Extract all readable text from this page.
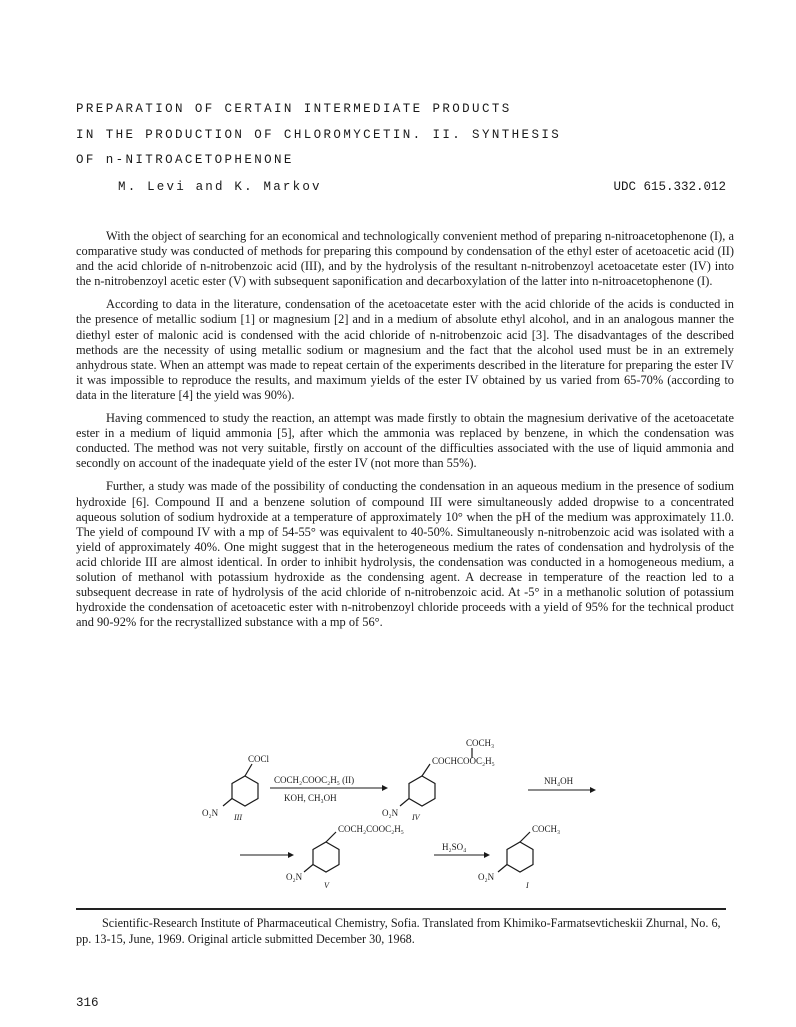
PREPARATION OF CERTAIN INTERMEDIATE PRODUCTS
IN THE PRODUCTION OF CHLOROMYCETIN. II. SYNTHESIS
OF n-NITROACETOPHENONE
M. Levi and K. Markov	UDC 615.332.012

With the object of searching for an economical and technologically convenient method of preparing n-nitroacetophenone (I), a comparative study was conducted of methods for preparing this compound by condensation of the ethyl ester of acetoacetic acid (II) and the acid chloride of n-nitrobenzoic acid (III), and by the hydrolysis of the resultant n-nitrobenzoyl acetoacetate ester (IV) into the n-nitrobenzoyl acetic ester (V) with subsequent saponification and decarboxylation of the latter into n-nitroacetophenone (I).

According to data in the literature, condensation of the acetoacetate ester with the acid chloride of the acids is conducted in the presence of metallic sodium [1] or magnesium [2] and in a medium of absolute ethyl alcohol, and in an analogous manner the diethyl ester of malonic acid is condensed with the acid chloride of n-nitrobenzoic acid [3]. The disadvantages of the described methods are the necessity of using metallic sodium or magnesium and the fact that the alcohol used must be in an extremely anhydrous state. When an attempt was made to repeat certain of the experiments described in the literature for preparing the ester IV it was impossible to reproduce the results, and maximum yields of the ester IV obtained by us varied from 65-70% (according to data in the literature [4] the yield was 90%).

Having commenced to study the reaction, an attempt was made firstly to obtain the magnesium derivative of the acetoacetate ester in a medium of liquid ammonia [5], after which the ammonia was replaced by benzene, in which the condensation was conducted. The method was not very suitable, firstly on account of the difficulties associated with the use of liquid ammonia and secondly on account of the inadequate yield of the ester IV (not more than 55%).

Further, a study was made of the possibility of conducting the condensation in an aqueous medium in the presence of sodium hydroxide [6]. Compound II and a benzene solution of compound III were simultaneously added dropwise to a concentrated aqueous solution of sodium hydroxide at a temperature of approximately 10° when the pH of the medium was approximately 11.0. The yield of compound IV with a mp of 54-55° was equivalent to 40-50%. Simultaneously n-nitrobenzoic acid was isolated with a yield of approximately 40%. One might suggest that in the heterogeneous medium the rates of condensation and hydrolysis of the acid chloride III are almost identical. In order to inhibit hydrolysis, the condensation was conducted in a homogeneous medium, a solution of methanol with potassium hydroxide as the condensing agent. A decrease in temperature of the reaction led to a subsequent decrease in rate of hydrolysis of the acid chloride of n-nitrobenzoic acid. At -5° in a methanolic solution of potassium hydroxide the condensation of acetoacetic ester with n-nitrobenzoyl chloride proceeds with a yield of 95% for the technical product and 90-92% for the recrystallized substance with a mp of 56°.

COCl
O₂N III
COCH₂COOC₂H₅ (II)
KOH, CH₃OH
COCH₃
COCHCOOC₂H₅
O₂N IV
NH₄OH
COCH₂COOC₂H₅
O₂N
V
H₂SO₄
COCH₃
O₂N
I
Scientific-Research Institute of Pharmaceutical Chemistry, Sofia. Translated from Khimiko-Farmatsevticheskii Zhurnal, No. 6, pp. 13-15, June, 1969. Original article submitted December 30, 1968.
316
